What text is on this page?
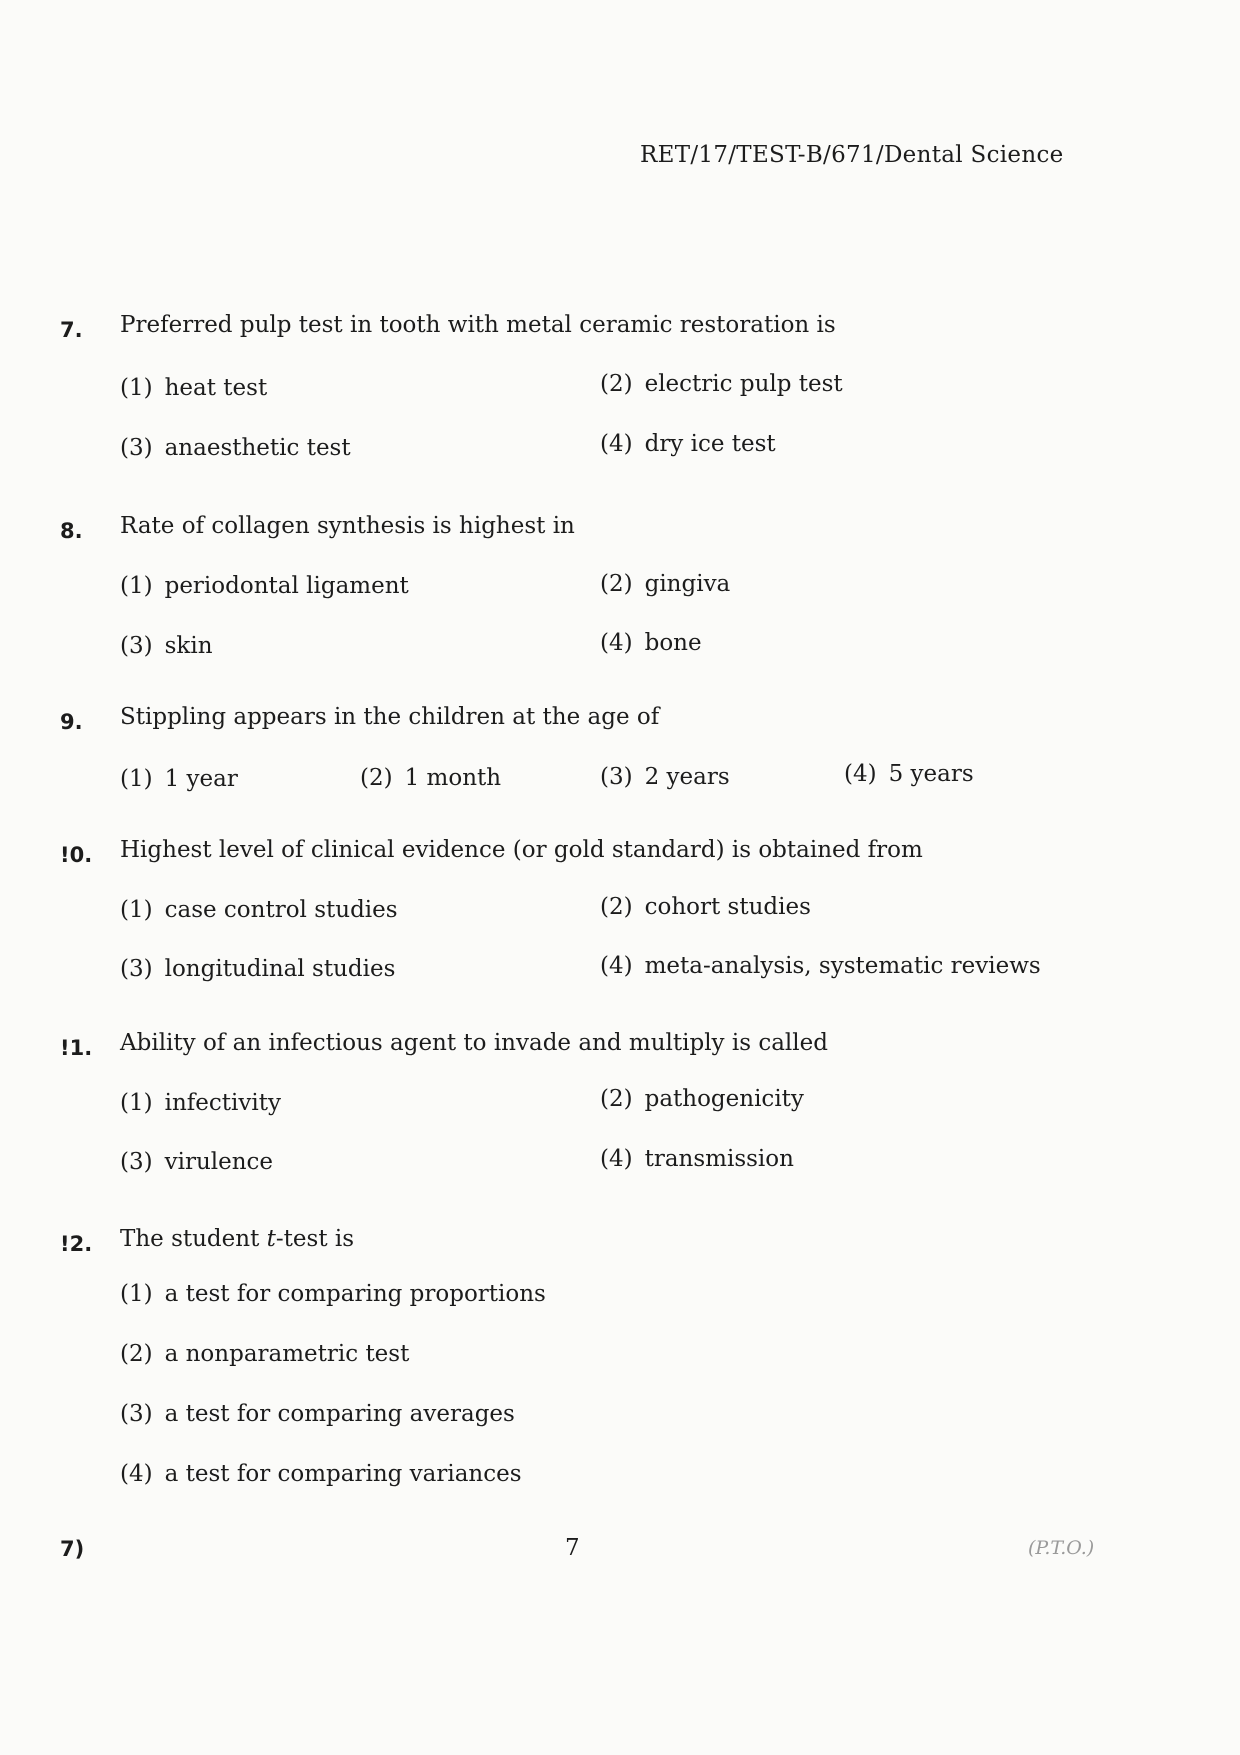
RET/17/TEST-B/671/Dental Science
7.	Preferred pulp test in tooth with metal ceramic restoration is
(1) heat test	(2) electric pulp test
(3) anaesthetic test	(4) dry ice test
8.	Rate of collagen synthesis is highest in
(1) periodontal ligament	(2) gingiva
(3) skin	(4) bone
9.	Stippling appears in the children at the age of
(1) 1 year	(2) 1 month	(3) 2 years	(4) 5 years
!0.	Highest level of clinical evidence (or gold standard) is obtained from
(1) case control studies	(2) cohort studies
(3) longitudinal studies	(4) meta-analysis, systematic reviews
!1.	Ability of an infectious agent to invade and multiply is called
(1) infectivity	(2) pathogenicity
(3) virulence	(4) transmission
!2.	The student t-test is
(1) a test for comparing proportions
(2) a nonparametric test
(3) a test for comparing averages
(4) a test for comparing variances
7)	7	(P.T.O.)
